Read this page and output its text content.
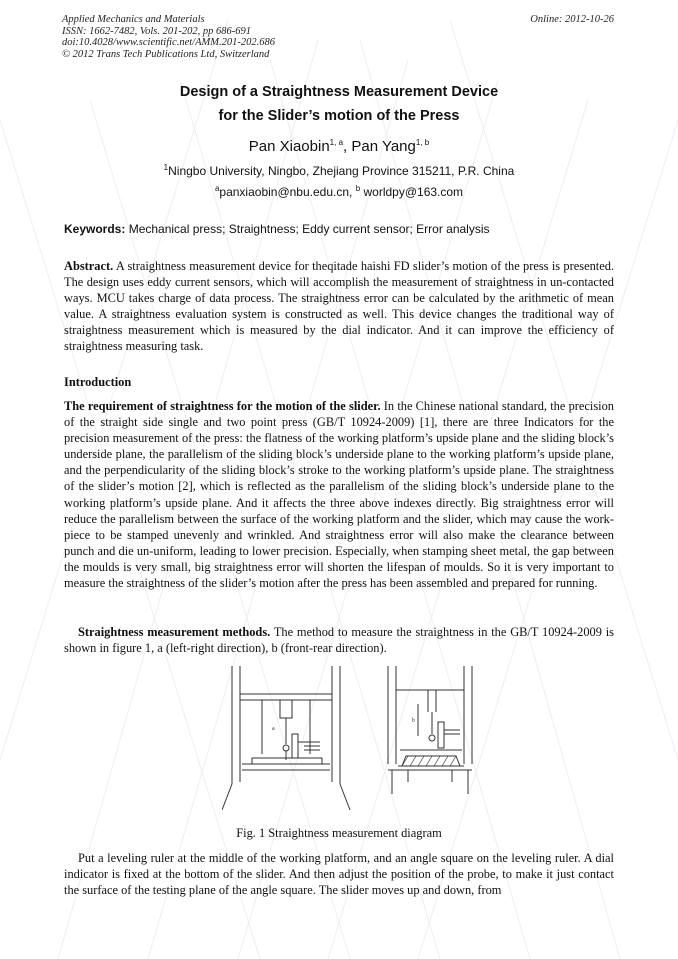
Applied Mechanics and Materials
ISSN: 1662-7482, Vols. 201-202, pp 686-691
doi:10.4028/www.scientific.net/AMM.201-202.686
© 2012 Trans Tech Publications Ltd, Switzerland
Online: 2012-10-26
Design of a Straightness Measurement Device
for the Slider’s motion of the Press
Pan Xiaobin$^{1, a}$, Pan Yang$^{1, b}$
$^1$Ningbo University, Ningbo, Zhejiang Province 315211, P.R. China
$^a$panxiaobin@nbu.edu.cn, $^b$ worldpy@163.com
Keywords: Mechanical press; Straightness; Eddy current sensor; Error analysis
Abstract. A straightness measurement device for theqitade haishi FD slider’s motion of the press is presented. The design uses eddy current sensors, which will accomplish the measurement of straightness in un-contacted ways. MCU takes charge of data process. The straightness error can be calculated by the arithmetic of mean value. A straightness evaluation system is constructed as well. This device changes the traditional way of straightness measurement which is measured by the dial indicator. And it can improve the efficiency of straightness measuring task.
Introduction
The requirement of straightness for the motion of the slider. In the Chinese national standard, the precision of the straight side single and two point press (GB/T 10924-2009) [1], there are three Indicators for the precision measurement of the press: the flatness of the working platform’s upside plane and the sliding block’s underside plane, the parallelism of the sliding block’s underside plane to the working platform’s upside plane, and the perpendicularity of the sliding block’s stroke to the working platform’s upside plane. The straightness of the slider’s motion [2], which is reflected as the parallelism of the sliding block’s underside plane to the working platform’s upside plane. And it affects the three above indexes directly. Big straightness error will reduce the parallelism between the surface of the working platform and the slider, which may cause the work-piece to be stamped unevenly and wrinkled. And straightness error will also make the clearance between punch and die un-uniform, leading to lower precision. Especially, when stamping sheet metal, the gap between the moulds is very small, big straightness error will shorten the lifespan of moulds. So it is very important to measure the straightness of the slider’s motion after the press has been assembled and prepared for running.
Straightness measurement methods. The method to measure the straightness in the GB/T 10924-2009 is shown in figure 1, a (left-right direction), b (front-rear direction).
a
b
Fig. 1 Straightness measurement diagram
Put a leveling ruler at the middle of the working platform, and an angle square on the leveling ruler. A dial indicator is fixed at the bottom of the slider. And then adjust the position of the probe, to make it just contact the surface of the testing plane of the angle square. The slider moves up and down, from
